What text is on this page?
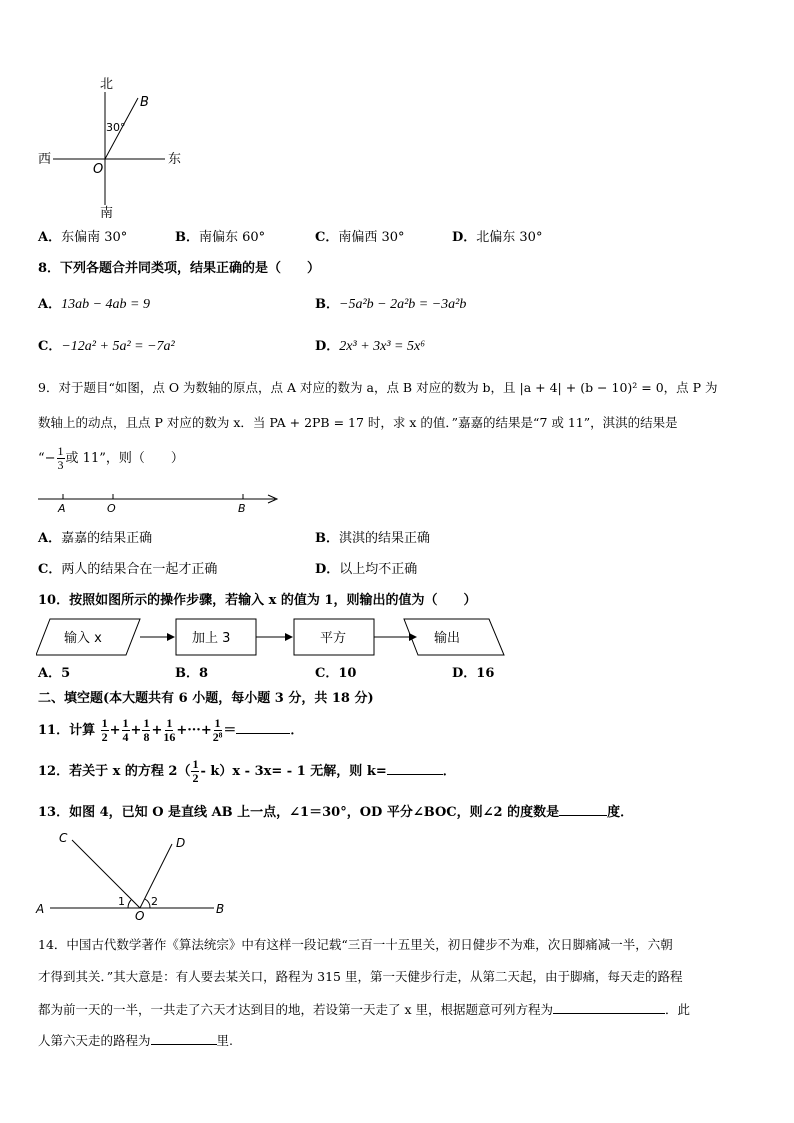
北
南
西	东
O
B
30°
A．东偏南 30°	B．南偏东 60°	C．南偏西 30°	D．北偏东 30°
8．下列各题合并同类项，结果正确的是（　　）
A．13ab − 4ab = 9	B．−5a²b − 2a²b = −3a²b
C．−12a² + 5a² = −7a²	D．2x³ + 3x³ = 5x⁶
9．对于题目“如图，点 O 为数轴的原点，点 A 对应的数为 a，点 B 对应的数为 b，且 |a + 4| + (b − 10)² = 0，点 P 为
数轴上的动点，且点 P 对应的数为 x．当 PA + 2PB = 17 时，求 x 的值．”嘉嘉的结果是“7 或 11”，淇淇的结果是
“− $\frac{1}{3}$ 或 11”，则（　　）
A	O	B
A．嘉嘉的结果正确	B．淇淇的结果正确
C．两人的结果合在一起才正确	D．以上均不正确
10．按照如图所示的操作步骤，若输入 x 的值为 1，则输出的值为（　　）
输入 x	加上 3	平方	输出
A．5	B．8	C．10	D．16
二、填空题(本大题共有 6 小题，每小题 3 分，共 18 分)
11．计算 $\frac{1}{2} + \frac{1}{4} + \frac{1}{8} + \frac{1}{16}$ +···+ $\frac{1}{\text{2⁸}}$ ＝	．
12．若关于 x 的方程 $2( \frac{1}{2} - k)x - 3x= - 1$ 无解，则 k=	．
13．如图 4，已知 O 是直线 AB 上一点，∠1＝30°，OD 平分∠BOC，则∠2 的度数是	度．
A	B
C	D
O
1 2
14．中国古代数学著作《算法统宗》中有这样一段记载“三百一十五里关，初日健步不为难，次日脚痛减一半，六朝
才得到其关．”其大意是：有人要去某关口，路程为 315 里，第一天健步行走，从第二天起，由于脚痛，每天走的路程
都为前一天的一半，一共走了六天才达到目的地，若设第一天走了 x 里，根据题意可列方程为	．此
人第六天走的路程为	里.
